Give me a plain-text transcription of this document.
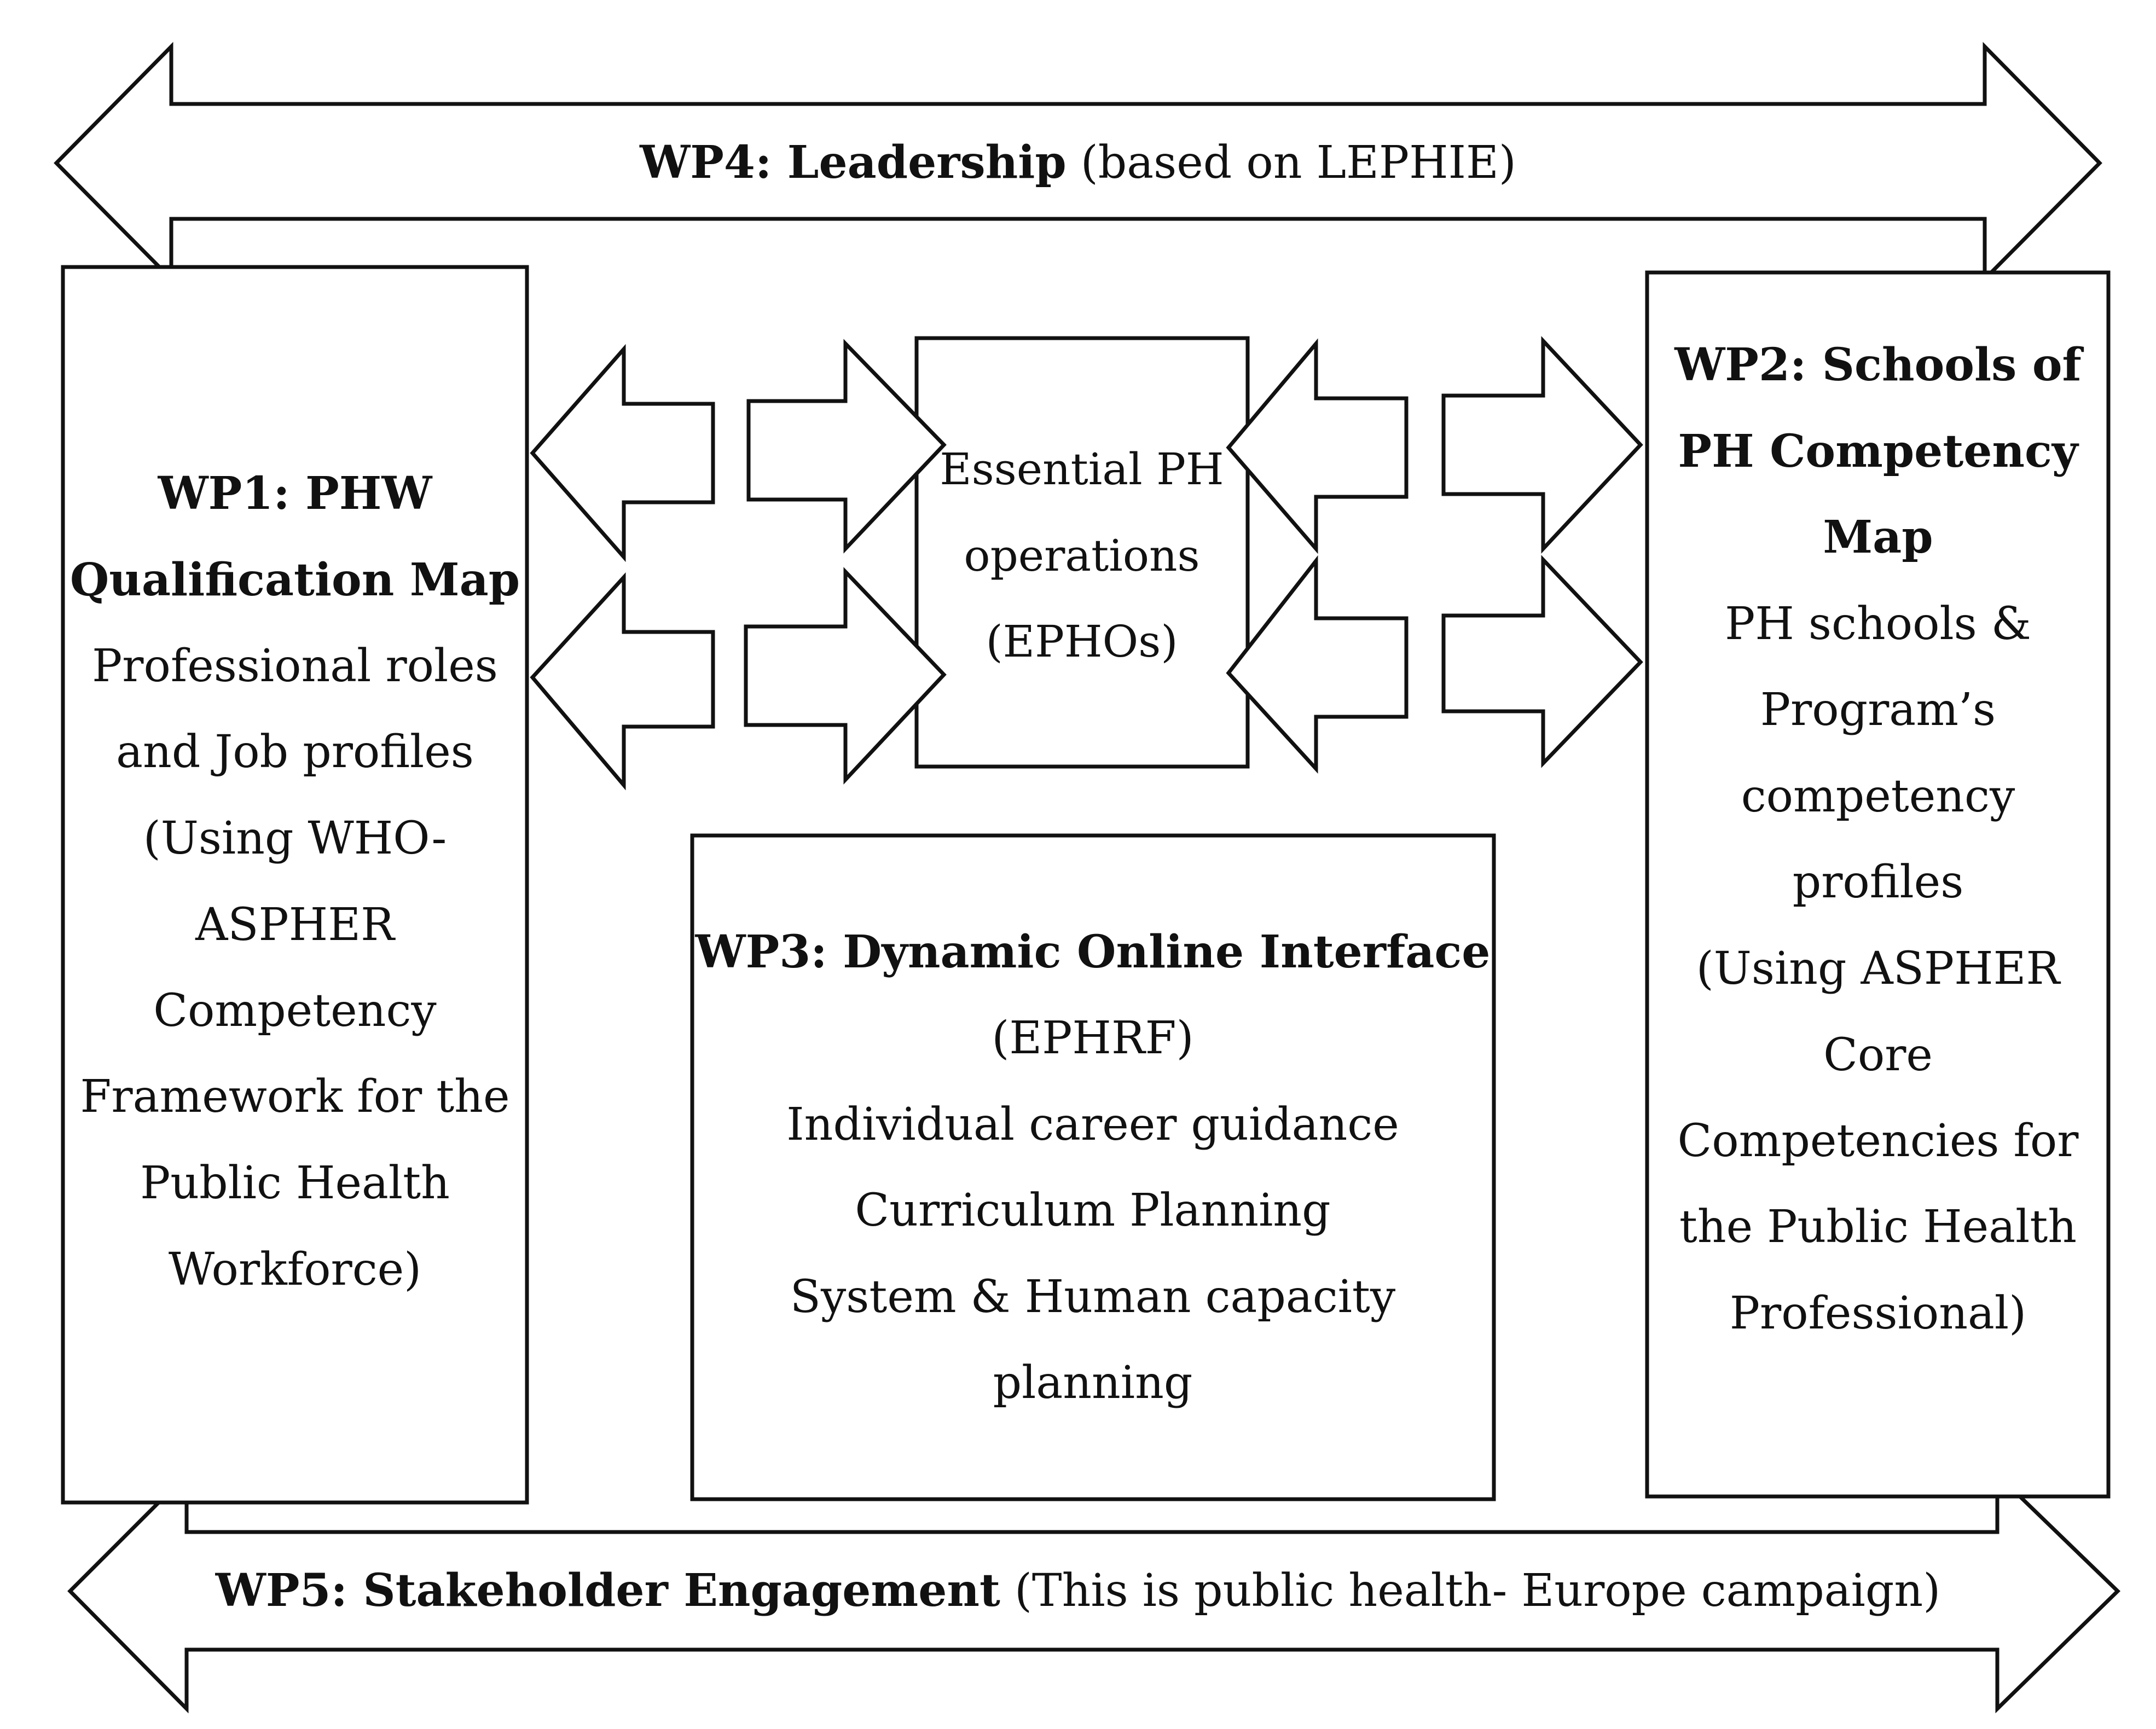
WP4: Leadership (based on LEPHIE)
WP5: Stakeholder Engagement (This is public health- Europe campaign)
WP1: PHW
Qualification Map
Professional roles
and Job profiles
(Using WHO-
ASPHER
Competency
Framework for the
Public Health
Workforce)
Essential PH
operations
(EPHOs)
WP2: Schools of
PH Competency
Map
PH schools &
Program’s
competency
profiles
(Using ASPHER
Core
Competencies for
the Public Health
Professional)
WP3: Dynamic Online Interface
(EPHRF)
Individual career guidance
Curriculum Planning
System & Human capacity
planning
